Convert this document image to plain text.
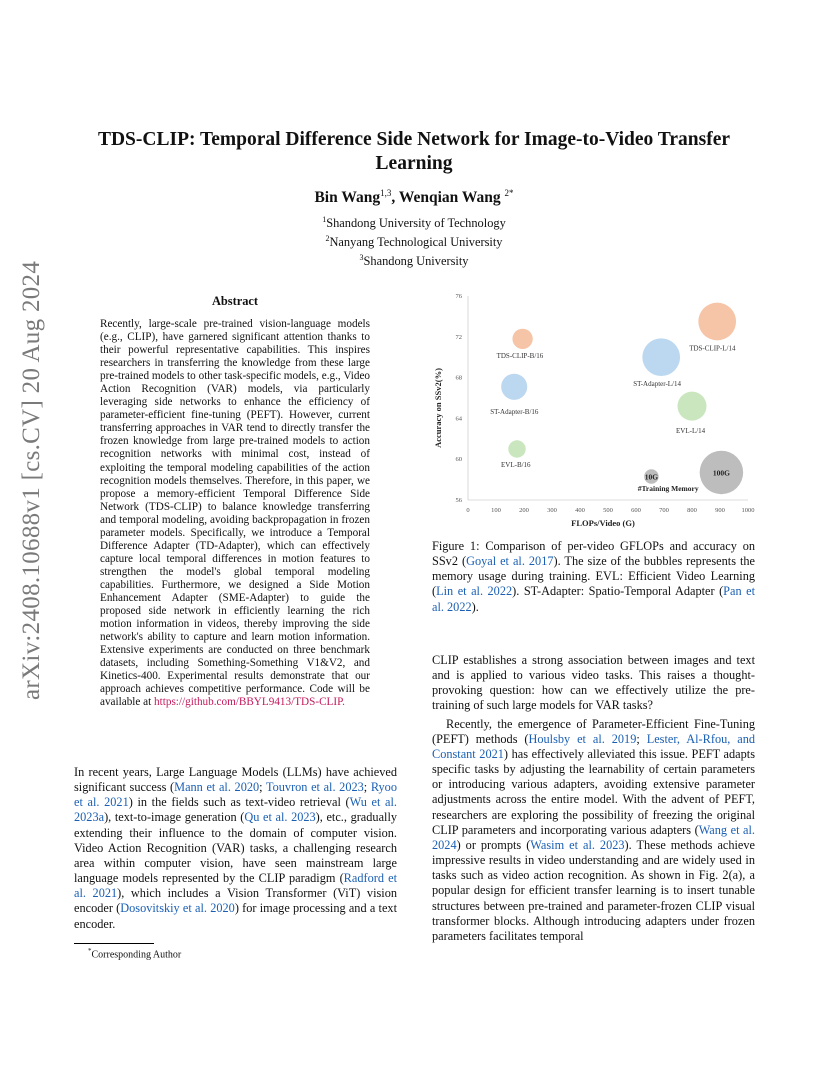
TDS-CLIP: Temporal Difference Side Network for Image-to-Video Transfer Learning
Bin Wang$^{1,3}$, Wenqian Wang $^{2*}$
$^1$Shandong University of Technology
$^2$Nanyang Technological University
$^3$Shandong University
arXiv:2408.10688v1 [cs.CV] 20 Aug 2024	Abstract
Recently, large-scale pre-trained vision-language models (e.g., CLIP), have garnered significant attention thanks to their powerful representative capabilities. This inspires researchers in transferring the knowledge from these large pre-trained models to other task-specific models, e.g., Video Action Recognition (VAR) models, via particularly leveraging side networks to enhance the efficiency of parameter-efficient fine-tuning (PEFT). However, current transferring approaches in VAR tend to directly transfer the frozen knowledge from large pre-trained models to action recognition networks with minimal cost, instead of exploiting the temporal modeling capabilities of the action recognition models themselves. Therefore, in this paper, we propose a memory-efficient Temporal Difference Side Network (TDS-CLIP) to balance knowledge transferring and temporal modeling, avoiding backpropagation in frozen parameter models. Specifically, we introduce a Temporal Difference Adapter (TD-Adapter), which can effectively capture local temporal differences in motion features to strengthen the model's global temporal modeling capabilities. Furthermore, we designed a Side Motion Enhancement Adapter (SME-Adapter) to guide the proposed side network in efficiently learning the rich motion information in videos, thereby improving the side network's ability to capture and learn motion information. Extensive experiments are conducted on three benchmark datasets, including Something-Something V1&V2, and Kinetics-400. Experimental results demonstrate that our approach achieves competitive performance. Code will be available at https://github.com/BBYL9413/TDS-CLIP.
In recent years, Large Language Models (LLMs) have achieved significant success (Mann et al. 2020; Touvron et al. 2023; Ryoo et al. 2021) in the fields such as text-video retrieval (Wu et al. 2023a), text-to-image generation (Qu et al. 2023), etc., gradually extending their influence to the domain of computer vision. Video Action Recognition (VAR) tasks, a challenging research area within computer vision, have seen mainstream large language models represented by the CLIP paradigm (Radford et al. 2021), which includes a Vision Transformer (ViT) vision encoder (Dosovitskiy et al. 2020) for image processing and a text encoder.
*Corresponding Author
0	100	200	300	400	500	600	700	800	900	1000
56
60
64
68
72
76
FLOPs/Video (G)
Accuracy on SSv2(%)
TDS-CLIP-B/16
ST-Adapter-B/16
EVL-B/16
TDS-CLIP-L/14
ST-Adapter-L/14
EVL-L/14
10G	100G
#Training Memory
Figure 1: Comparison of per-video GFLOPs and accuracy on SSv2 (Goyal et al. 2017). The size of the bubbles represents the memory usage during training. EVL: Efficient Video Learning (Lin et al. 2022). ST-Adapter: Spatio-Temporal Adapter (Pan et al. 2022).

CLIP establishes a strong association between images and text and is applied to various video tasks. This raises a thought-provoking question: how can we effectively utilize the pre-training of such large models for VAR tasks?

Recently, the emergence of Parameter-Efficient Fine-Tuning (PEFT) methods (Houlsby et al. 2019; Lester, Al-Rfou, and Constant 2021) has effectively alleviated this issue. PEFT adapts specific tasks by adjusting the learnability of certain parameters or introducing various adapters, avoiding extensive parameter adjustments across the entire model. With the advent of PEFT, researchers are exploring the possibility of freezing the original CLIP parameters and incorporating various adapters (Wang et al. 2024) or prompts (Wasim et al. 2023). These methods achieve impressive results in video understanding and are widely used in tasks such as video action recognition. As shown in Fig. 2(a), a popular design for efficient transfer learning is to insert tunable structures between pre-trained and parameter-frozen CLIP visual transformer blocks. Although introducing adapters under frozen parameters facilitates temporal
